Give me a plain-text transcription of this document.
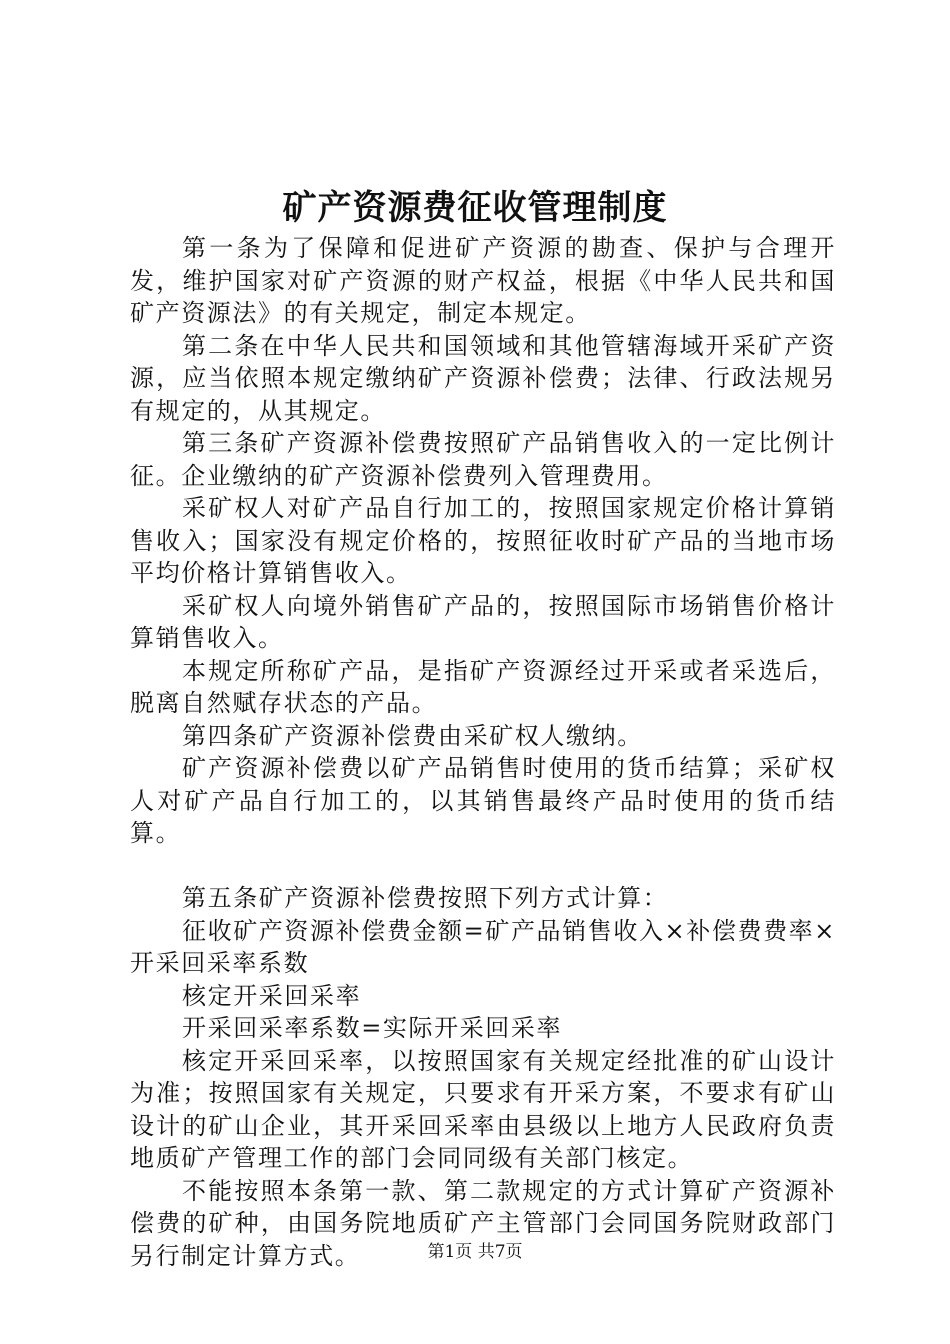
矿产资源费征收管理制度

第一条为了保障和促进矿产资源的勘查、保护与合理开发，维护国家对矿产资源的财产权益，根据《中华人民共和国矿产资源法》的有关规定，制定本规定。

第二条在中华人民共和国领域和其他管辖海域开采矿产资源，应当依照本规定缴纳矿产资源补偿费；法律、行政法规另有规定的，从其规定。

第三条矿产资源补偿费按照矿产品销售收入的一定比例计征。企业缴纳的矿产资源补偿费列入管理费用。

采矿权人对矿产品自行加工的，按照国家规定价格计算销售收入；国家没有规定价格的，按照征收时矿产品的当地市场平均价格计算销售收入。

采矿权人向境外销售矿产品的，按照国际市场销售价格计算销售收入。

本规定所称矿产品，是指矿产资源经过开采或者采选后，脱离自然赋存状态的产品。

第四条矿产资源补偿费由采矿权人缴纳。

矿产资源补偿费以矿产品销售时使用的货币结算；采矿权人对矿产品自行加工的，以其销售最终产品时使用的货币结算。

第五条矿产资源补偿费按照下列方式计算：

征收矿产资源补偿费金额=矿产品销售收入×补偿费费率×开采回采率系数

核定开采回采率

开采回采率系数=实际开采回采率

核定开采回采率，以按照国家有关规定经批准的矿山设计为准；按照国家有关规定，只要求有开采方案，不要求有矿山设计的矿山企业，其开采回采率由县级以上地方人民政府负责地质矿产管理工作的部门会同同级有关部门核定。

不能按照本条第一款、第二款规定的方式计算矿产资源补偿费的矿种，由国务院地质矿产主管部门会同国务院财政部门另行制定计算方式。	第1页 共7页
